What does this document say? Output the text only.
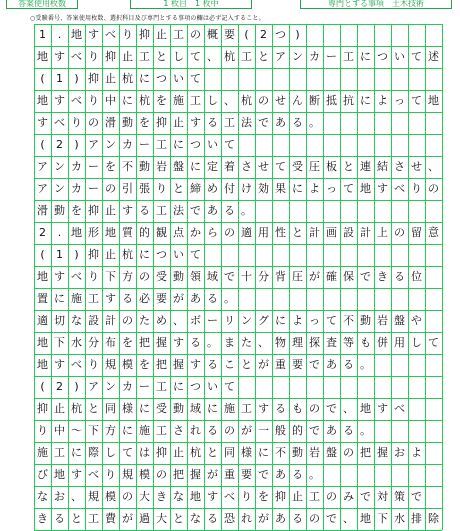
答案使用枚数	1 枚目　1 枚中	専門とする事項　土木技術
○受験番号、答案使用枚数、選択科目及び専門とする事項の欄は必ず記入すること。
1	. 地 す べ り 抑 止 工 の 概 要 (	2 つ )
地 す べ り 抑 止 工 と し て 、 杭 工 と ア ン カ ー 工 に つ い て 述
(	1	) 抑 止 杭 に つ い て
地 す べ り 中 に 杭 を 施 工 し 、 杭 の せ ん 断 抵 抗 に よ っ て 地
す べ り の 滑 動 を 抑 止 す る 工 法 で あ る 。
(	2	) ア ン カ ー 工 に つ い て
ア ン カ ー を 不 動 岩 盤 に 定 着 さ せ て 受 圧 板 と 連 結 さ せ 、
ア ン カ ー の 引 張 り と 締 め 付 け 効 果 に よ っ て 地 す べ り の
滑 動 を 抑 止 す る 工 法 で あ る 。
2	. 地 形 地 質 的 観 点 か ら の 適 用 性 と 計 画 設 計 上 の 留 意
(	1	) 抑 止 杭 に つ い て
地 す べ り 下 方 の 受 動 領 域 で 十 分 背 圧 が 確 保 で き る 位
置 に 施 工 す る 必 要 が あ る 。
適 切 な 設 計 の た め 、 ボ ー リ ン グ に よ っ て 不 動 岩 盤 や
地 下 水 分 布 を 把 握 す る 。 ま た 、 物 理 探 査 等 も 併 用 し て
地 す べ り 規 模 を 把 握 す る こ と が 重 要 で あ る 。
(	2	) ア ン カ ー 工 に つ い て
抑 止 杭 と 同 様 に 受 動 域 に 施 工 す る も の で 、 地 す べ
り 中 ～ 下 方 に 施 工 さ れ る の が 一 般 的 で あ る 。
施 工 に 際 し て は 抑 止 杭 と 同 様 に 不 動 岩 盤 の 把 握 お よ
び 地 す べ り 規 模 の 把 握 が 重 要 で あ る 。
な お 、 規 模 の 大 き な 地 す べ り を 抑 止 工 の み で 対 策 で
き る と 工 費 が 過 大 と な る 恐 れ が あ る の で 、 地 下 水 排 除
